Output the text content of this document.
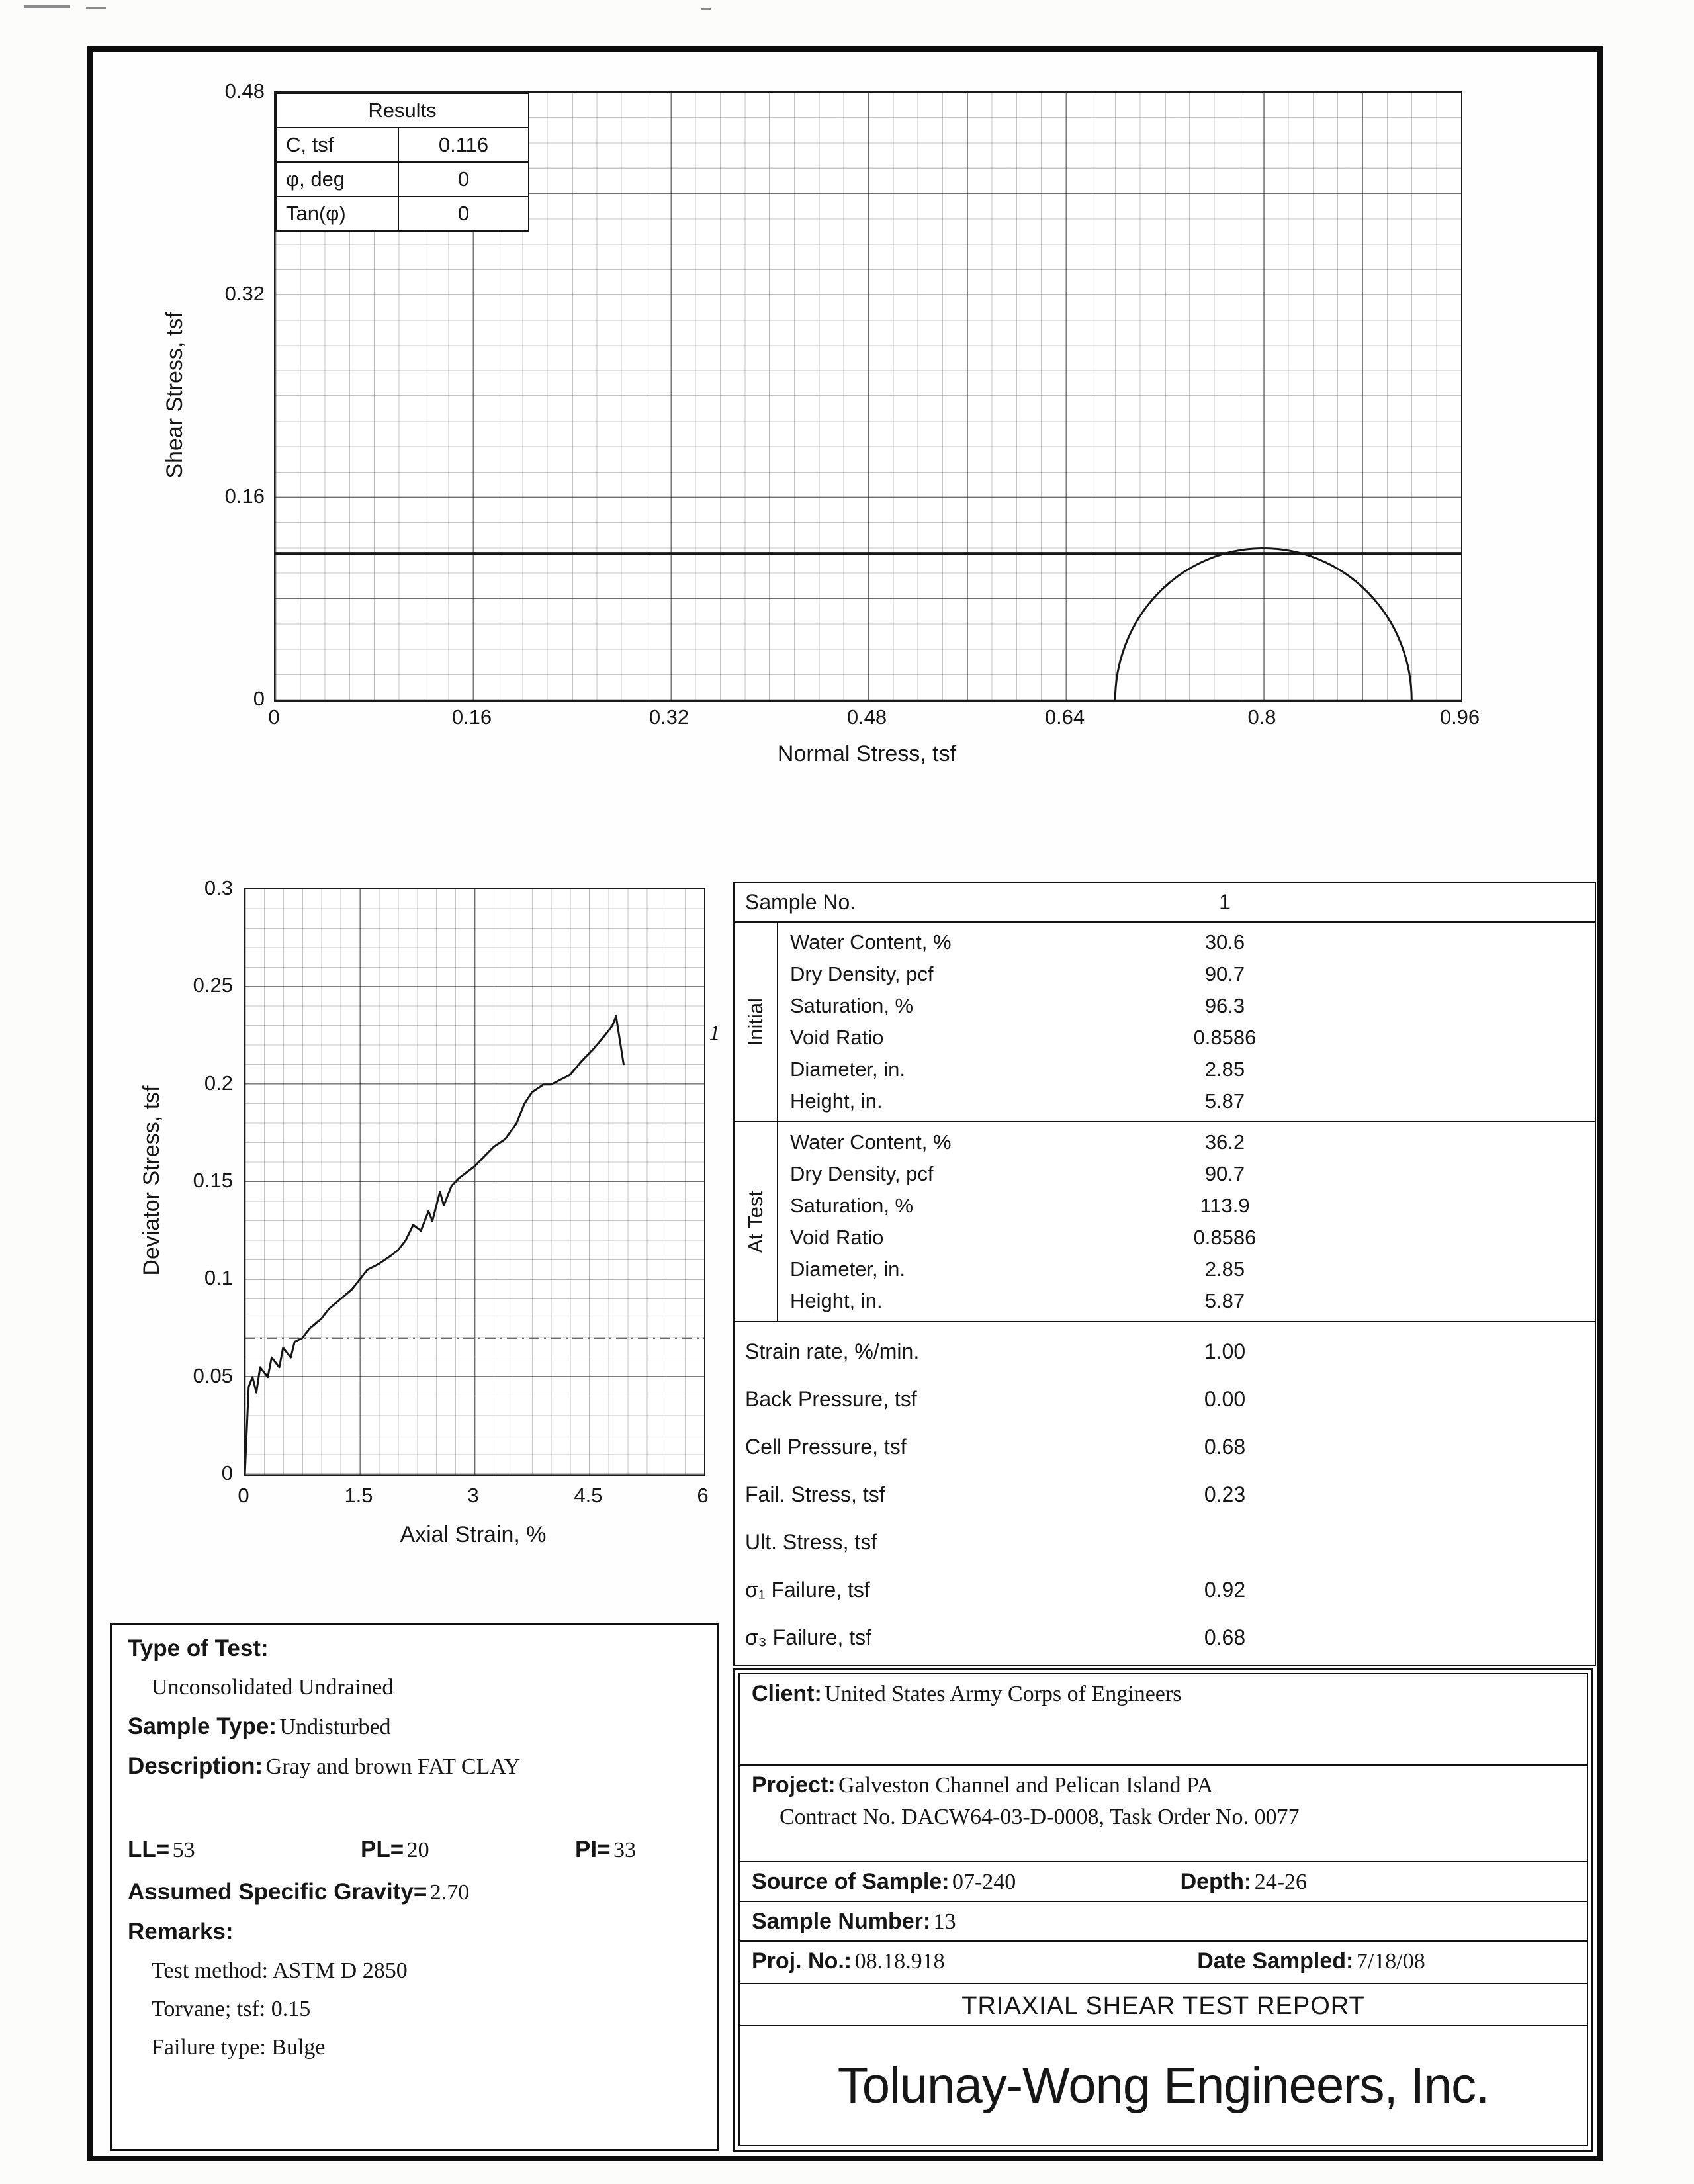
0.48
0.32
0.16
0
0	0.16	0.32	0.48	0.64	0.8	0.96
Normal Stress, tsf
Shear Stress, tsf
Results
C, tsf	0.116
φ, deg	0
Tan(φ)	0
0.3
0.25
0.2
0.15
0.1
0.05
0
0	1.5	3	4.5	6
Axial Strain, %
Deviator Stress, tsf
1
Sample No.	1
Initial
Water Content, %	30.6
Dry Density, pcf	90.7
Saturation, %	96.3
Void Ratio	0.8586
Diameter, in.	2.85
Height, in.	5.87
At Test
Water Content, %	36.2
Dry Density, pcf	90.7
Saturation, %	113.9
Void Ratio	0.8586
Diameter, in.	2.85
Height, in.	5.87
Strain rate, %/min.	1.00
Back Pressure, tsf	0.00
Cell Pressure, tsf	0.68
Fail. Stress, tsf	0.23
Ult. Stress, tsf
σ₁ Failure, tsf	0.92
σ₃ Failure, tsf	0.68
Type of Test:
Unconsolidated Undrained
Sample Type: Undisturbed
Description: Gray and brown FAT CLAY
LL= 53	PL= 20	PI= 33
Assumed Specific Gravity= 2.70
Remarks:
Test method: ASTM D 2850
Torvane; tsf: 0.15
Failure type: Bulge
Client: United States Army Corps of Engineers
Project: Galveston Channel and Pelican Island PA
Contract No. DACW64-03-D-0008, Task Order No. 0077
Source of Sample: 07-240	Depth: 24-26
Sample Number: 13
Proj. No.: 08.18.918	Date Sampled: 7/18/08
TRIAXIAL SHEAR TEST REPORT
Tolunay-Wong Engineers, Inc.
